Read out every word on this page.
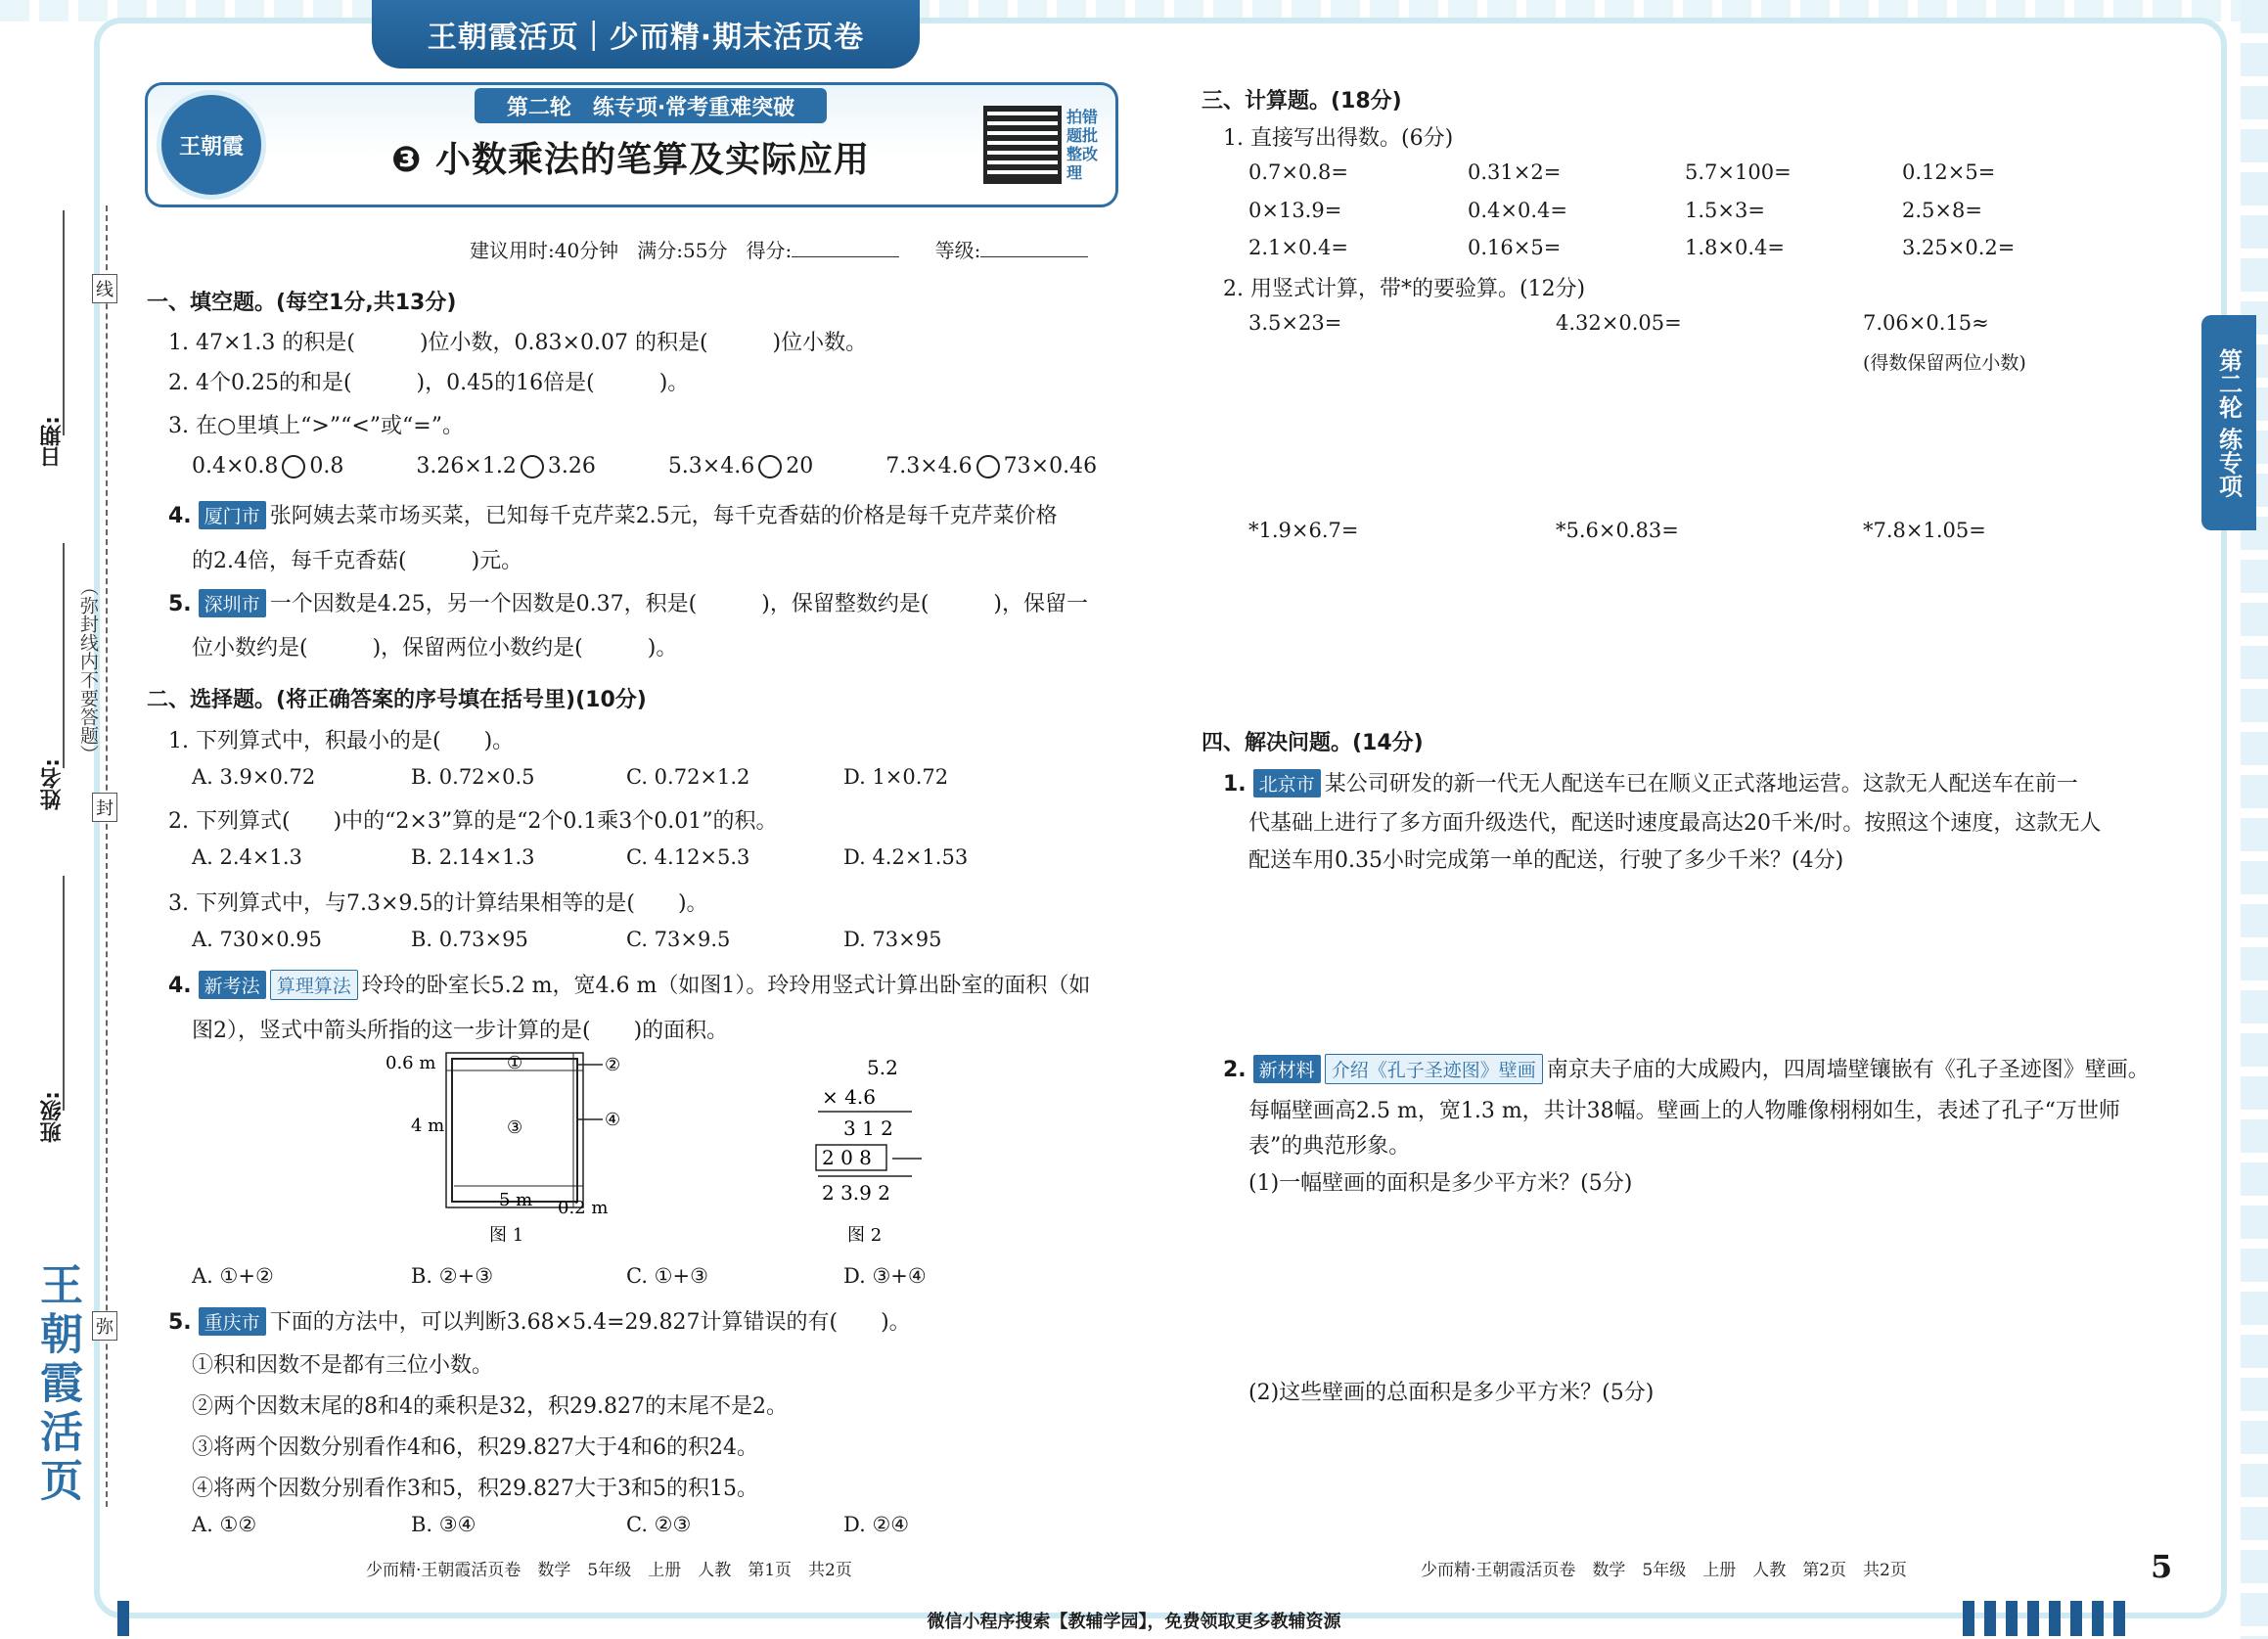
王朝霞活页｜少而精·期末活页卷
王朝霞
第二轮　练专项·常考重难突破
❸ 小数乘法的笔算及实际应用
拍错题批整改理
建议用时:40分钟 满分:55分 得分:	等级:
日期:
姓名:
班级:
线
封
弥
（弥封线内不要答题）
王朝霞活页
第二轮 练专项
一、填空题。(每空1分,共13分)
1. 47×1.3 的积是(　　　)位小数，0.83×0.07 的积是(　　　)位小数。
2. 4个0.25的和是(　　　)，0.45的16倍是(　　　)。
3. 在○里填上“>”“<”或“=”。
0.4×0.8 0.8	3.26×1.2 3.26	5.3×4.6 20	7.3×4.6 73×0.46
4. 厦门市 张阿姨去菜市场买菜，已知每千克芹菜2.5元，每千克香菇的价格是每千克芹菜价格
的2.4倍，每千克香菇(　　　)元。
5. 深圳市 一个因数是4.25，另一个因数是0.37，积是(　　　)，保留整数约是(　　　)，保留一
位小数约是(　　　)，保留两位小数约是(　　　)。
二、选择题。(将正确答案的序号填在括号里)(10分)
1. 下列算式中，积最小的是(　　)。
A. 3.9×0.72	B. 0.72×0.5	C. 0.72×1.2	D. 1×0.72
2. 下列算式(　　)中的“2×3”算的是“2个0.1乘3个0.01”的积。
A. 2.4×1.3	B. 2.14×1.3	C. 4.12×5.3	D. 4.2×1.53
3. 下列算式中，与7.3×9.5的计算结果相等的是(　　)。
A. 730×0.95	B. 0.73×95	C. 73×9.5	D. 73×95
4. 新考法 算理算法 玲玲的卧室长5.2 m，宽4.6 m（如图1）。玲玲用竖式计算出卧室的面积（如
图2），竖式中箭头所指的这一步计算的是(　　)的面积。
0.6 m
4 m
①	②
③	④
5 m 0.2 m
图 1
5.2
× 4.6
3 1 2
2 0 8
2 3.9 2
图 2
A. ①+②	B. ②+③	C. ①+③	D. ③+④
5. 重庆市 下面的方法中，可以判断3.68×5.4=29.827计算错误的有(　　)。
①积和因数不是都有三位小数。
②两个因数末尾的8和4的乘积是32，积29.827的末尾不是2。
③将两个因数分别看作4和6，积29.827大于4和6的积24。
④将两个因数分别看作3和5，积29.827大于3和5的积15。
A. ①②	B. ③④	C. ②③	D. ②④
少而精·王朝霞活页卷　数学　5年级　上册　人教　第1页　共2页
三、计算题。(18分)
1. 直接写出得数。(6分)
0.7×0.8=	0.31×2=	5.7×100=	0.12×5=
0×13.9=	0.4×0.4=	1.5×3=	2.5×8=
2.1×0.4=	0.16×5=	1.8×0.4=	3.25×0.2=
2. 用竖式计算，带*的要验算。(12分)
3.5×23=	4.32×0.05=	7.06×0.15≈
(得数保留两位小数)
*1.9×6.7=	*5.6×0.83=	*7.8×1.05=
四、解决问题。(14分)
1. 北京市 某公司研发的新一代无人配送车已在顺义正式落地运营。这款无人配送车在前一
代基础上进行了多方面升级迭代，配送时速度最高达20千米/时。按照这个速度，这款无人
配送车用0.35小时完成第一单的配送，行驶了多少千米？(4分)
2. 新材料 介绍《孔子圣迹图》壁画 南京夫子庙的大成殿内，四周墙壁镶嵌有《孔子圣迹图》壁画。
每幅壁画高2.5 m，宽1.3 m，共计38幅。壁画上的人物雕像栩栩如生，表述了孔子“万世师
表”的典范形象。
(1)一幅壁画的面积是多少平方米？(5分)
(2)这些壁画的总面积是多少平方米？(5分)
少而精·王朝霞活页卷　数学　5年级　上册　人教　第2页　共2页	5
微信小程序搜索【教辅学园】，免费领取更多教辅资源
